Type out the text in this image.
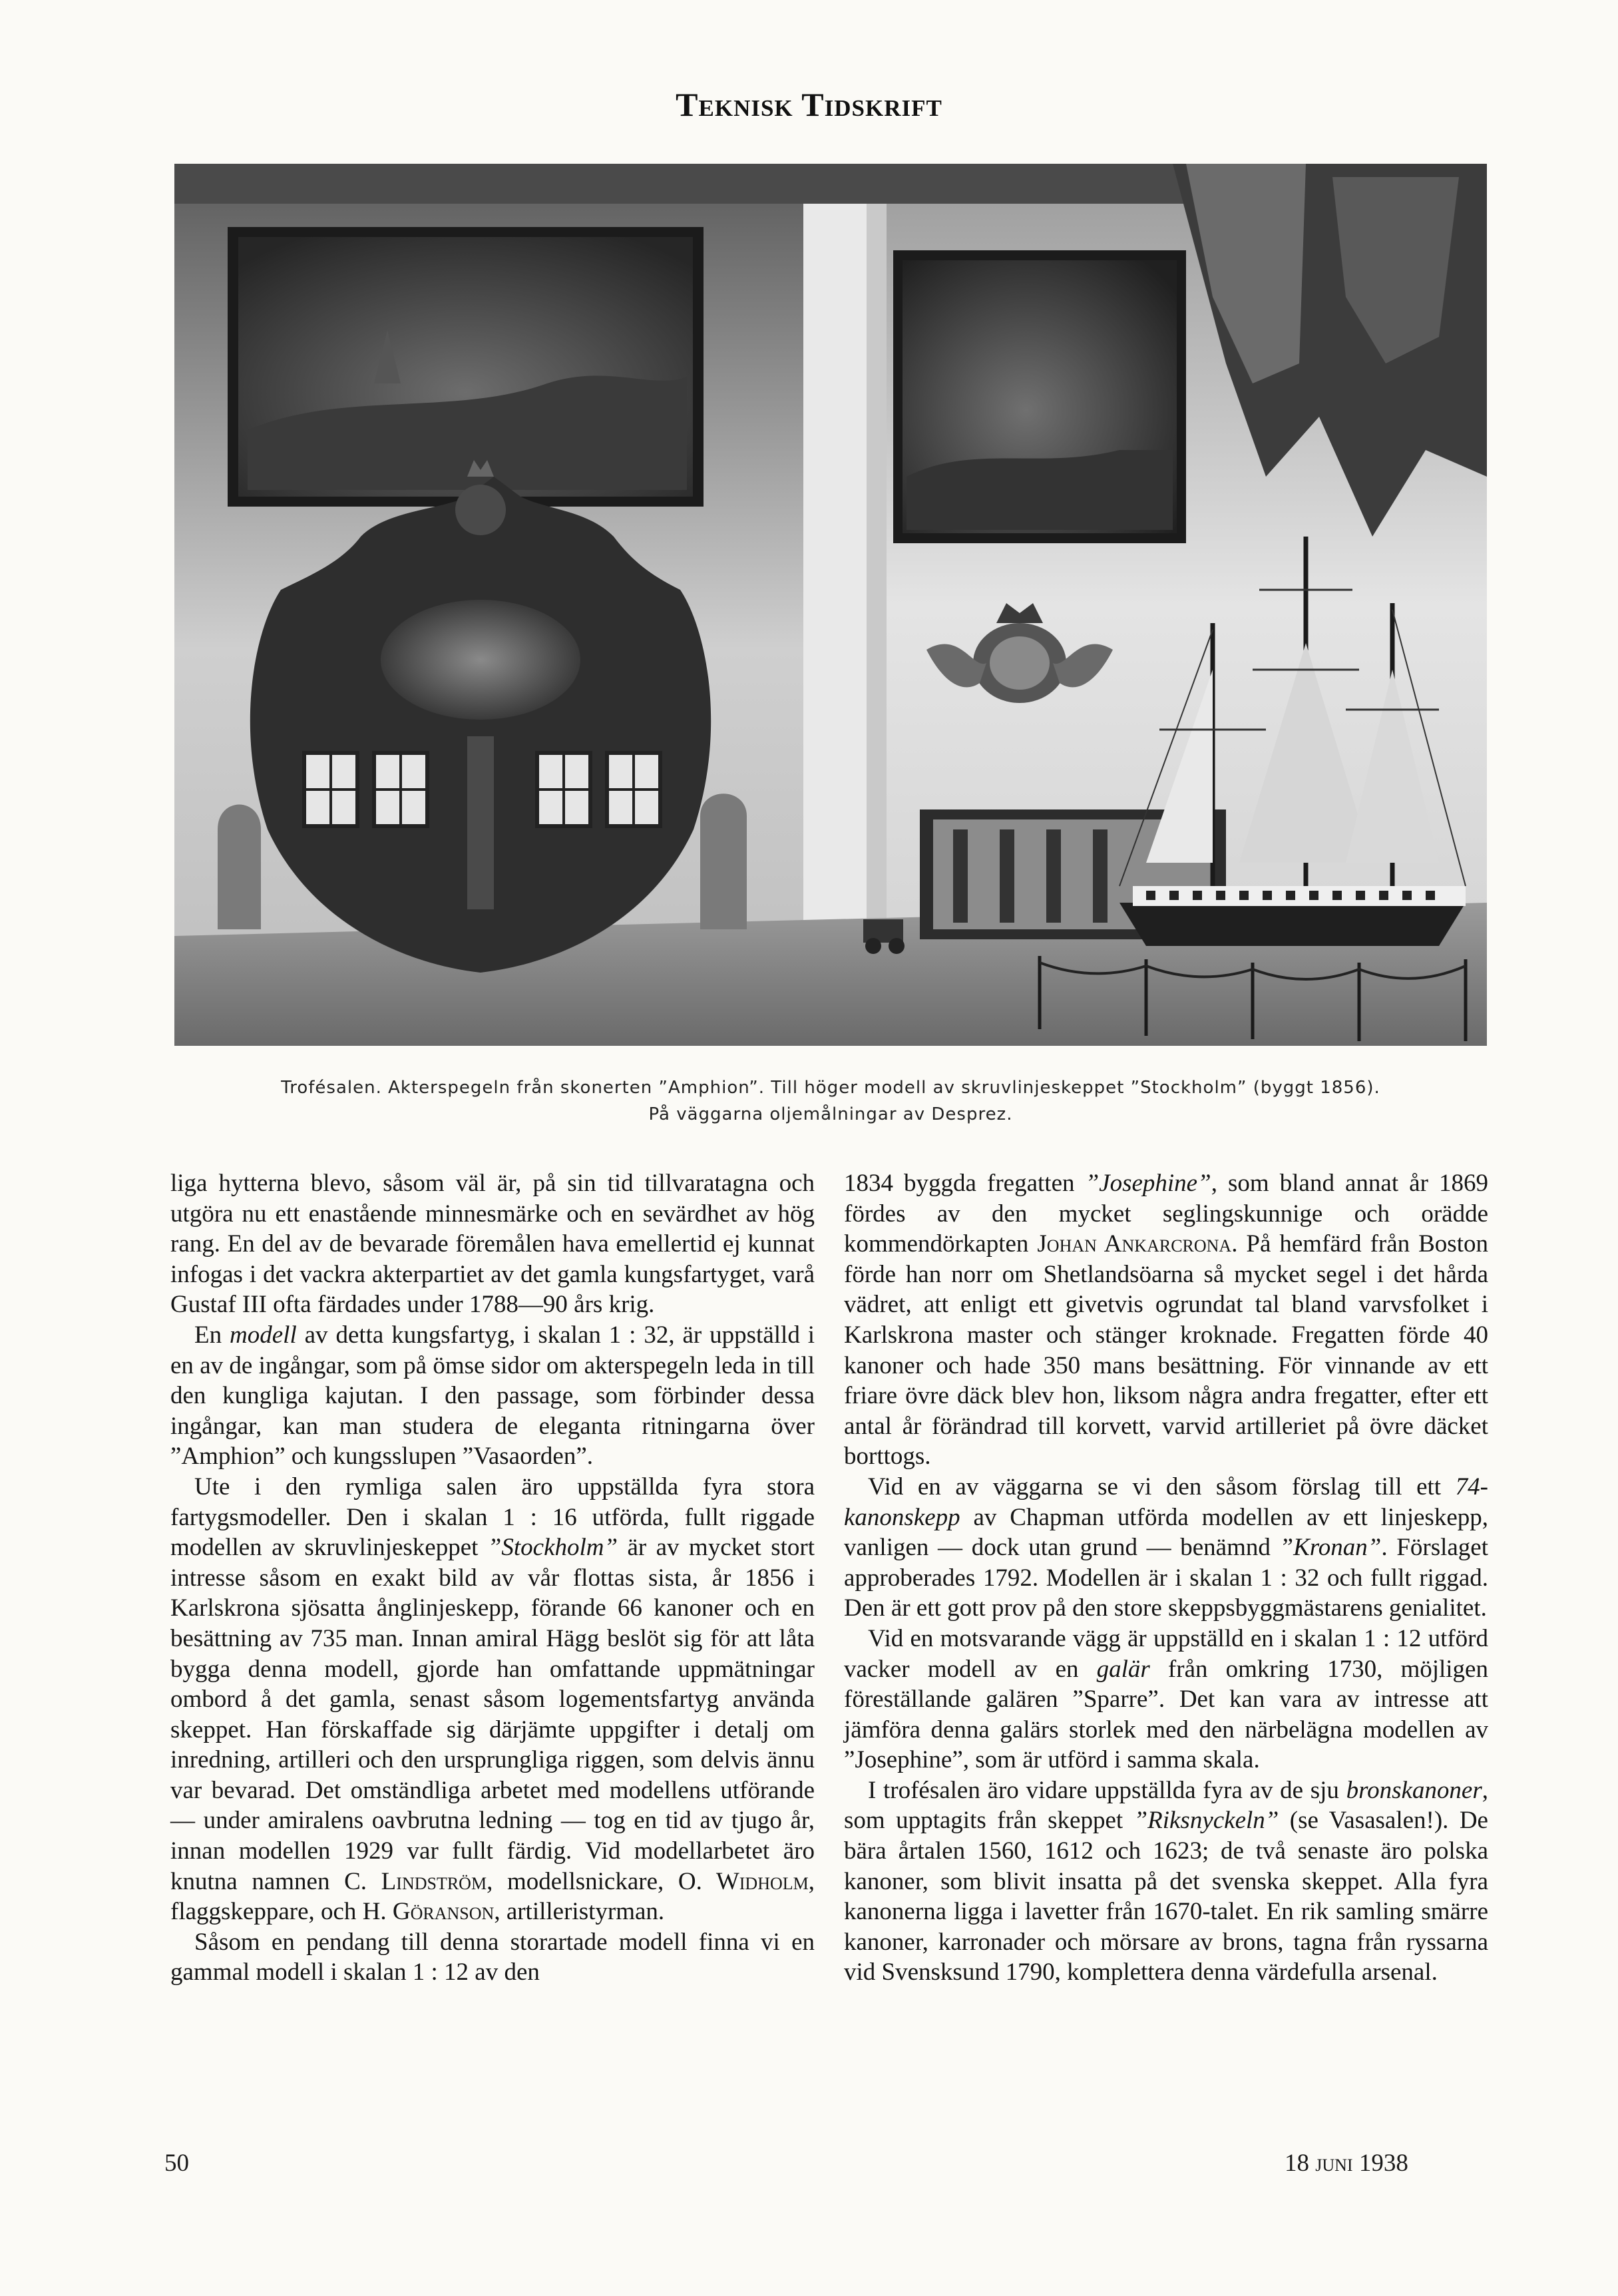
Teknisk Tidskrift
Trofésalen. Akterspegeln från skonerten ”Amphion”. Till höger modell av skruvlinjeskeppet ”Stockholm” (byggt 1856).
På väggarna oljemålningar av Desprez.

liga hytterna blevo, såsom väl är, på sin tid tillvaratagna och utgöra nu ett enastående minnesmärke och en sevärdhet av hög rang. En del av de bevarade föremålen hava emellertid ej kunnat infogas i det vackra akterpartiet av det gamla kungsfartyget, varå Gustaf III ofta färdades under 1788—90 års krig.

En modell av detta kungsfartyg, i skalan 1 : 32, är uppställd i en av de ingångar, som på ömse sidor om akterspegeln leda in till den kungliga kajutan. I den passage, som förbinder dessa ingångar, kan man studera de eleganta ritningarna över ”Amphion” och kungsslupen ”Vasaorden”.

Ute i den rymliga salen äro uppställda fyra stora fartygsmodeller. Den i skalan 1 : 16 utförda, fullt riggade modellen av skruvlinjeskeppet ”Stockholm” är av mycket stort intresse såsom en exakt bild av vår flottas sista, år 1856 i Karlskrona sjösatta ånglinjeskepp, förande 66 kanoner och en besättning av 735 man. Innan amiral Hägg beslöt sig för att låta bygga denna modell, gjorde han omfattande uppmätningar ombord å det gamla, senast såsom logementsfartyg använda skeppet. Han förskaffade sig därjämte uppgifter i detalj om inredning, artilleri och den ursprungliga riggen, som delvis ännu var bevarad. Det omständliga arbetet med modellens utförande — under amiralens oavbrutna ledning — tog en tid av tjugo år, innan modellen 1929 var fullt färdig. Vid modellarbetet äro knutna namnen C. Lindström, modellsnickare, O. Widholm, flaggskeppare, och H. Göranson, artilleristyrman.

Såsom en pendang till denna storartade modell finna vi en gammal modell i skalan 1 : 12 av den

1834 byggda fregatten ”Josephine”, som bland annat år 1869 fördes av den mycket seglingskunnige och orädde kommendörkapten Johan Ankarcrona. På hemfärd från Boston förde han norr om Shetlandsöarna så mycket segel i det hårda vädret, att enligt ett givetvis ogrundat tal bland varvsfolket i Karlskrona master och stänger kroknade. Fregatten förde 40 kanoner och hade 350 mans besättning. För vinnande av ett friare övre däck blev hon, liksom några andra fregatter, efter ett antal år förändrad till korvett, varvid artilleriet på övre däcket borttogs.

Vid en av väggarna se vi den såsom förslag till ett 74-kanonskepp av Chapman utförda modellen av ett linjeskepp, vanligen — dock utan grund — benämnd ”Kronan”. Förslaget approberades 1792. Modellen är i skalan 1 : 32 och fullt riggad. Den är ett gott prov på den store skeppsbyggmästarens genialitet.

Vid en motsvarande vägg är uppställd en i skalan 1 : 12 utförd vacker modell av en galär från omkring 1730, möjligen föreställande galären ”Sparre”. Det kan vara av intresse att jämföra denna galärs storlek med den närbelägna modellen av ”Josephine”, som är utförd i samma skala.

I trofésalen äro vidare uppställda fyra av de sju bronskanoner, som upptagits från skeppet ”Riksnyckeln” (se Vasasalen!). De bära årtalen 1560, 1612 och 1623; de två senaste äro polska kanoner, som blivit insatta på det svenska skeppet. Alla fyra kanonerna ligga i lavetter från 1670-talet. En rik samling smärre kanoner, karronader och mörsare av brons, tagna från ryssarna vid Svensksund 1790, komplettera denna värdefulla arsenal.

50	18 juni 1938
